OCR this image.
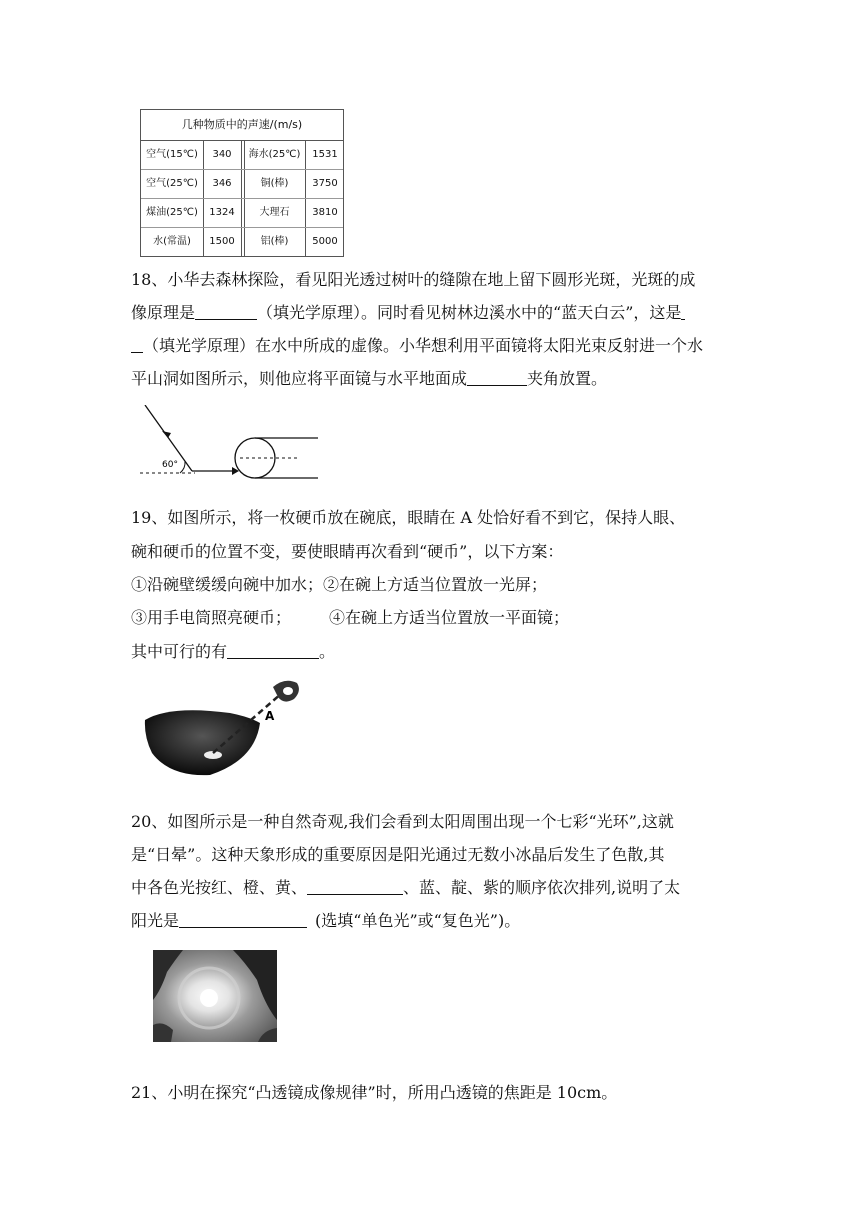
几种物质中的声速/(m/s)
空气(15℃)	340	海水(25℃)	1531
空气(25℃)	346	铜(棒)	3750
煤油(25℃)	1324	大理石	3810
水(常温)	1500	铝(棒)	5000
18、小华去森林探险，看见阳光透过树叶的缝隙在地上留下圆形光斑，光斑的成
像原理是	（填光学原理）。同时看见树林边溪水中的“蓝天白云”，这是
（填光学原理）在水中所成的虚像。小华想利用平面镜将太阳光束反射进一个水
平山洞如图所示，则他应将平面镜与水平地面成	夹角放置。
60°
19、如图所示，将一枚硬币放在碗底，眼睛在 A 处恰好看不到它，保持人眼、
碗和硬币的位置不变，要使眼睛再次看到“硬币”，以下方案：
①沿碗壁缓缓向碗中加水；②在碗上方适当位置放一光屏；
③用手电筒照亮硬币； ④在碗上方适当位置放一平面镜；
其中可行的有	。
A
20、如图所示是一种自然奇观,我们会看到太阳周围出现一个七彩“光环”,这就
是“日晕”。这种天象形成的重要原因是阳光通过无数小冰晶后发生了色散,其
中各色光按红、橙、黄、	、蓝、靛、紫的顺序依次排列,说明了太
阳光是	(选填“单色光”或“复色光”)。
21、小明在探究“凸透镜成像规律”时，所用凸透镜的焦距是 10cm。
